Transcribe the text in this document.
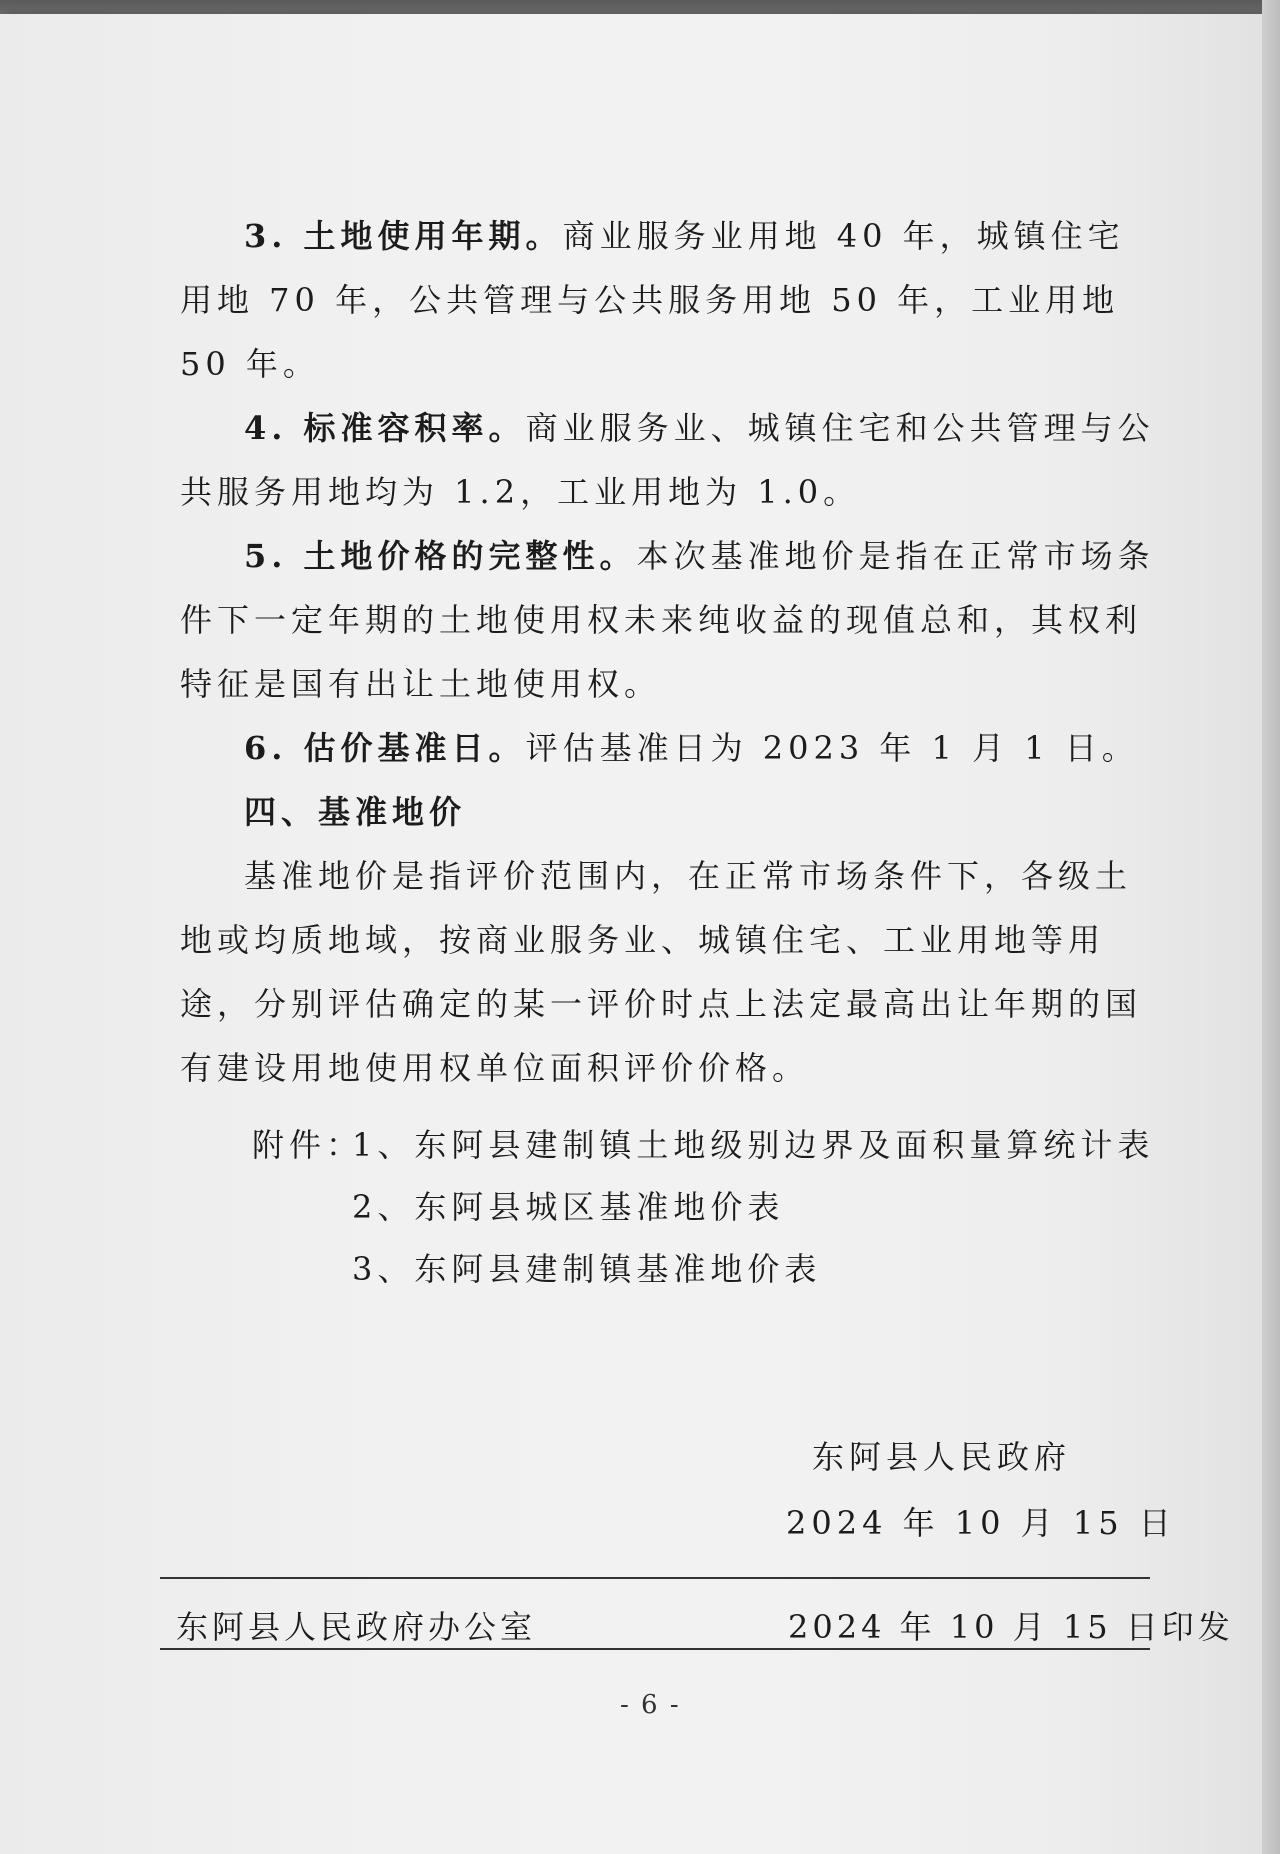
3. 土地使用年期。商业服务业用地 40 年，城镇住宅用地 70 年，公共管理与公共服务用地 50 年，工业用地 50 年。

4. 标准容积率。商业服务业、城镇住宅和公共管理与公共服务用地均为 1.2，工业用地为 1.0。

5. 土地价格的完整性。本次基准地价是指在正常市场条件下一定年期的土地使用权未来纯收益的现值总和，其权利特征是国有出让土地使用权。

6. 估价基准日。评估基准日为 2023 年 1 月 1 日。

四、基准地价

基准地价是指评价范围内，在正常市场条件下，各级土地或均质地域，按商业服务业、城镇住宅、工业用地等用途，分别评估确定的某一评价时点上法定最高出让年期的国有建设用地使用权单位面积评价价格。

附件：1、东阿县建制镇土地级别边界及面积量算统计表
2、东阿县城区基准地价表
3、东阿县建制镇基准地价表
东阿县人民政府
2024 年 10 月 15 日
东阿县人民政府办公室	2024 年 10 月 15 日印发
- 6 -
